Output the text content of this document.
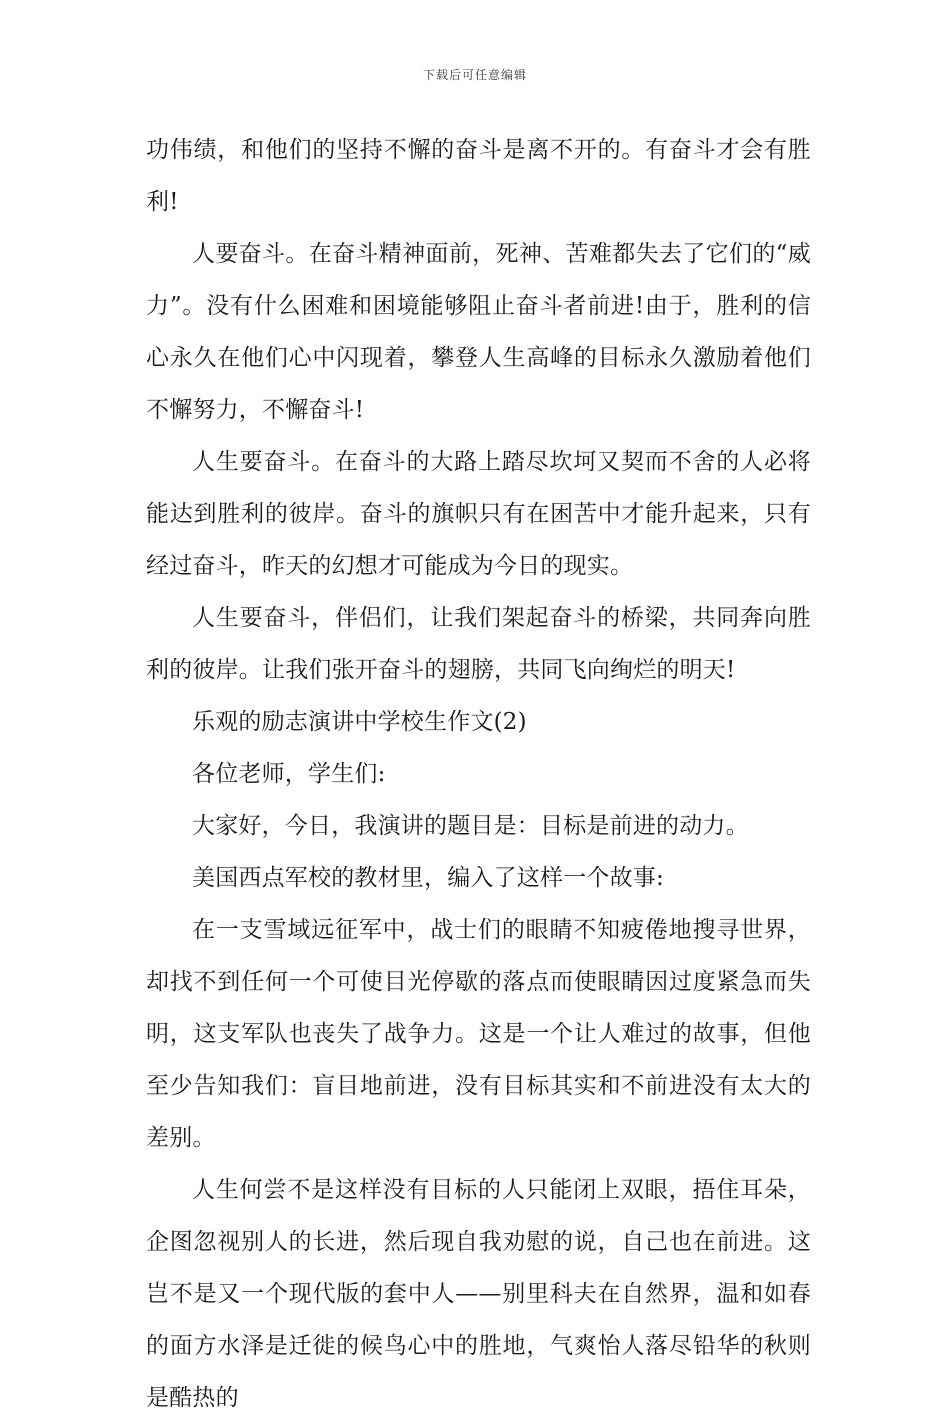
下载后可任意编辑

功伟绩，和他们的坚持不懈的奋斗是离不开的。有奋斗才会有胜利!

人要奋斗。在奋斗精神面前，死神、苦难都失去了它们的“威力”。没有什么困难和困境能够阻止奋斗者前进!由于，胜利的信心永久在他们心中闪现着，攀登人生高峰的目标永久激励着他们不懈努力，不懈奋斗!

人生要奋斗。在奋斗的大路上踏尽坎坷又契而不舍的人必将能达到胜利的彼岸。奋斗的旗帜只有在困苦中才能升起来，只有经过奋斗，昨天的幻想才可能成为今日的现实。

人生要奋斗，伴侣们，让我们架起奋斗的桥梁，共同奔向胜利的彼岸。让我们张开奋斗的翅膀，共同飞向绚烂的明天!

乐观的励志演讲中学校生作文(2)

各位老师，学生们:

大家好，今日，我演讲的题目是：目标是前进的动力。

美国西点军校的教材里，编入了这样一个故事:

在一支雪域远征军中，战士们的眼睛不知疲倦地搜寻世界，却找不到任何一个可使目光停歇的落点而使眼睛因过度紧急而失明，这支军队也丧失了战争力。这是一个让人难过的故事，但他至少告知我们：盲目地前进，没有目标其实和不前进没有太大的差别。

人生何尝不是这样没有目标的人只能闭上双眼，捂住耳朵，企图忽视别人的长进，然后现自我劝慰的说，自己也在前进。这岂不是又一个现代版的套中人——别里科夫在自然界，温和如春的面方水泽是迁徙的候鸟心中的胜地，气爽怡人落尽铅华的秋则是酷热的
